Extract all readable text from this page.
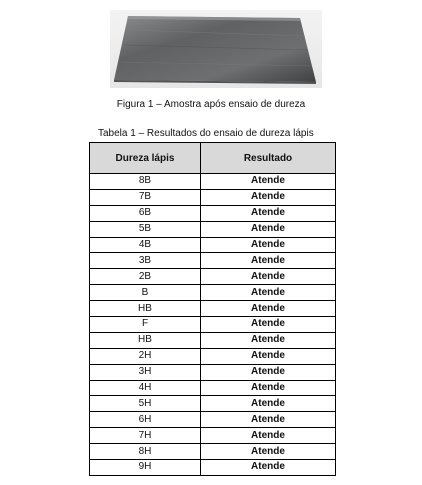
Figura 1 – Amostra após ensaio de dureza
Tabela 1 – Resultados do ensaio de dureza lápis
Dureza lápis	Resultado
8B	Atende
7B	Atende
6B	Atende
5B	Atende
4B	Atende
3B	Atende
2B	Atende
B	Atende
HB	Atende
F	Atende
HB	Atende
2H	Atende
3H	Atende
4H	Atende
5H	Atende
6H	Atende
7H	Atende
8H	Atende
9H	Atende
